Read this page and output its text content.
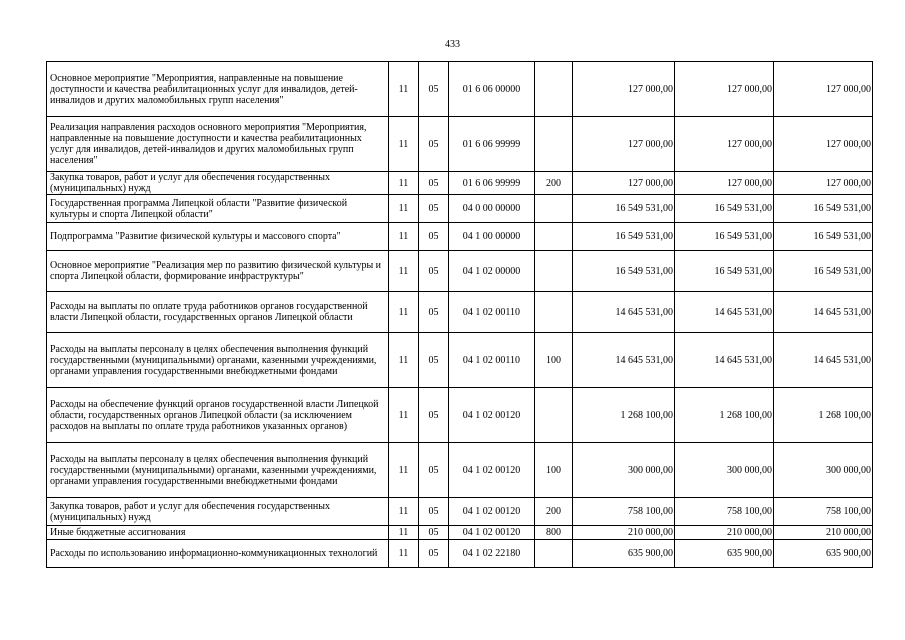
433
Основное мероприятие "Мероприятия, направленные на повышение доступности и качества реабилитационных услуг для инвалидов, детей-инвалидов и других маломобильных групп населения"	11	05	01 6 06 00000		127 000,00	127 000,00	127 000,00
Реализация направления расходов основного мероприятия "Мероприятия, направленные на повышение доступности и качества реабилитационных услуг для инвалидов, детей-инвалидов и других маломобильных групп населения"	11	05	01 6 06 99999		127 000,00	127 000,00	127 000,00
Закупка товаров, работ и услуг для обеспечения государственных (муниципальных) нужд	11	05	01 6 06 99999	200	127 000,00	127 000,00	127 000,00
Государственная программа Липецкой области "Развитие физической культуры и спорта Липецкой области"	11	05	04 0 00 00000		16 549 531,00	16 549 531,00	16 549 531,00
Подпрограмма "Развитие физической культуры и массового спорта"	11	05	04 1 00 00000		16 549 531,00	16 549 531,00	16 549 531,00
Основное мероприятие "Реализация мер по развитию физической культуры и спорта Липецкой области, формирование инфраструктуры"	11	05	04 1 02 00000		16 549 531,00	16 549 531,00	16 549 531,00
Расходы на выплаты по оплате труда работников органов государственной власти Липецкой области, государственных органов Липецкой области	11	05	04 1 02 00110		14 645 531,00	14 645 531,00	14 645 531,00
Расходы на выплаты персоналу в целях обеспечения выполнения функций государственными (муниципальными) органами, казенными учреждениями, органами управления государственными внебюджетными фондами	11	05	04 1 02 00110	100	14 645 531,00	14 645 531,00	14 645 531,00
Расходы на обеспечение функций органов государственной власти Липецкой области, государственных органов Липецкой области (за исключением расходов на выплаты по оплате труда работников указанных органов)	11	05	04 1 02 00120		1 268 100,00	1 268 100,00	1 268 100,00
Расходы на выплаты персоналу в целях обеспечения выполнения функций государственными (муниципальными) органами, казенными учреждениями, органами управления государственными внебюджетными фондами	11	05	04 1 02 00120	100	300 000,00	300 000,00	300 000,00
Закупка товаров, работ и услуг для обеспечения государственных (муниципальных) нужд	11	05	04 1 02 00120	200	758 100,00	758 100,00	758 100,00
Иные бюджетные ассигнования	11	05	04 1 02 00120	800	210 000,00	210 000,00	210 000,00
Расходы по использованию информационно-коммуникационных технологий	11	05	04 1 02 22180		635 900,00	635 900,00	635 900,00
